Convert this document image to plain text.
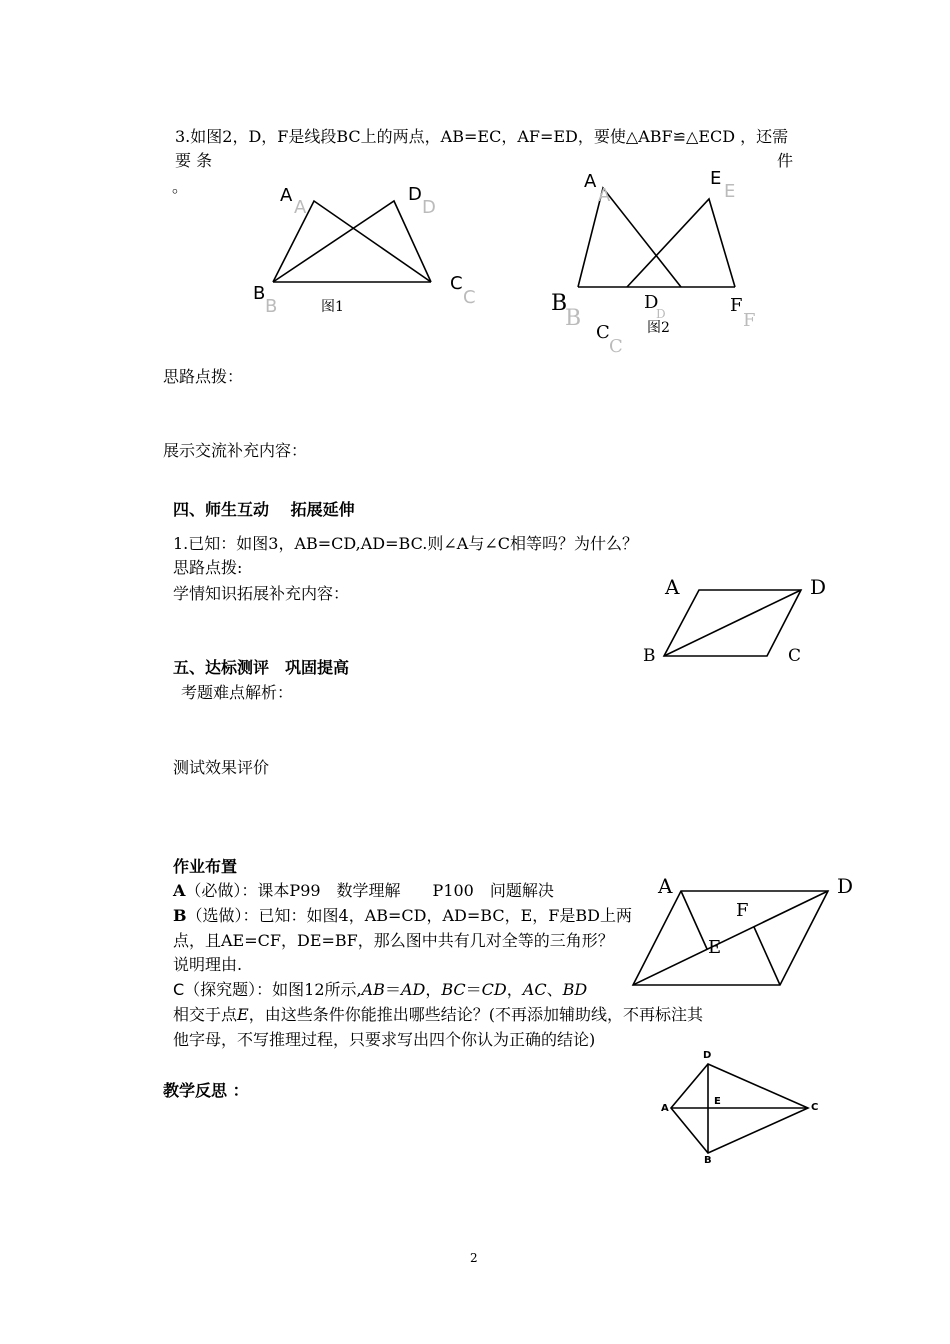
3.如图2，D，F是线段BC上的两点，AB=EC，AF=ED，要使△ABF≌△ECD ，还需
要 条	件
。	A
A
D
D
B
B
C
C
图1
A
A
E
E
B
B
D
D	F
F
C
C
图2
思路点拨：
展示交流补充内容：
四、师生互动　 拓展延伸
1.已知：如图3，AB=CD,AD=BC.则∠A与∠C相等吗？为什么？
思路点拨:
学情知识拓展补充内容：	A	D
B	C
五、达标测评　巩固提高
考题难点解析：
测试效果评价
作业布置
A（必做）：课本P99　数学理解　　P100　问题解决
B（选做）：已知：如图4，AB=CD，AD=BC，E，F是BD上两
点，且AE=CF，DE=BF，那么图中共有几对全等的三角形？
说明理由.
C（探究题）：如图12所示,AB＝AD，BC＝CD，AC、BD
相交于点E，由这些条件你能推出哪些结论？(不再添加辅助线，不再标注其
他字母，不写推理过程，只要求写出四个你认为正确的结论)
A	D
F
E
教学反思 ：
D
A
E
C
B
2
